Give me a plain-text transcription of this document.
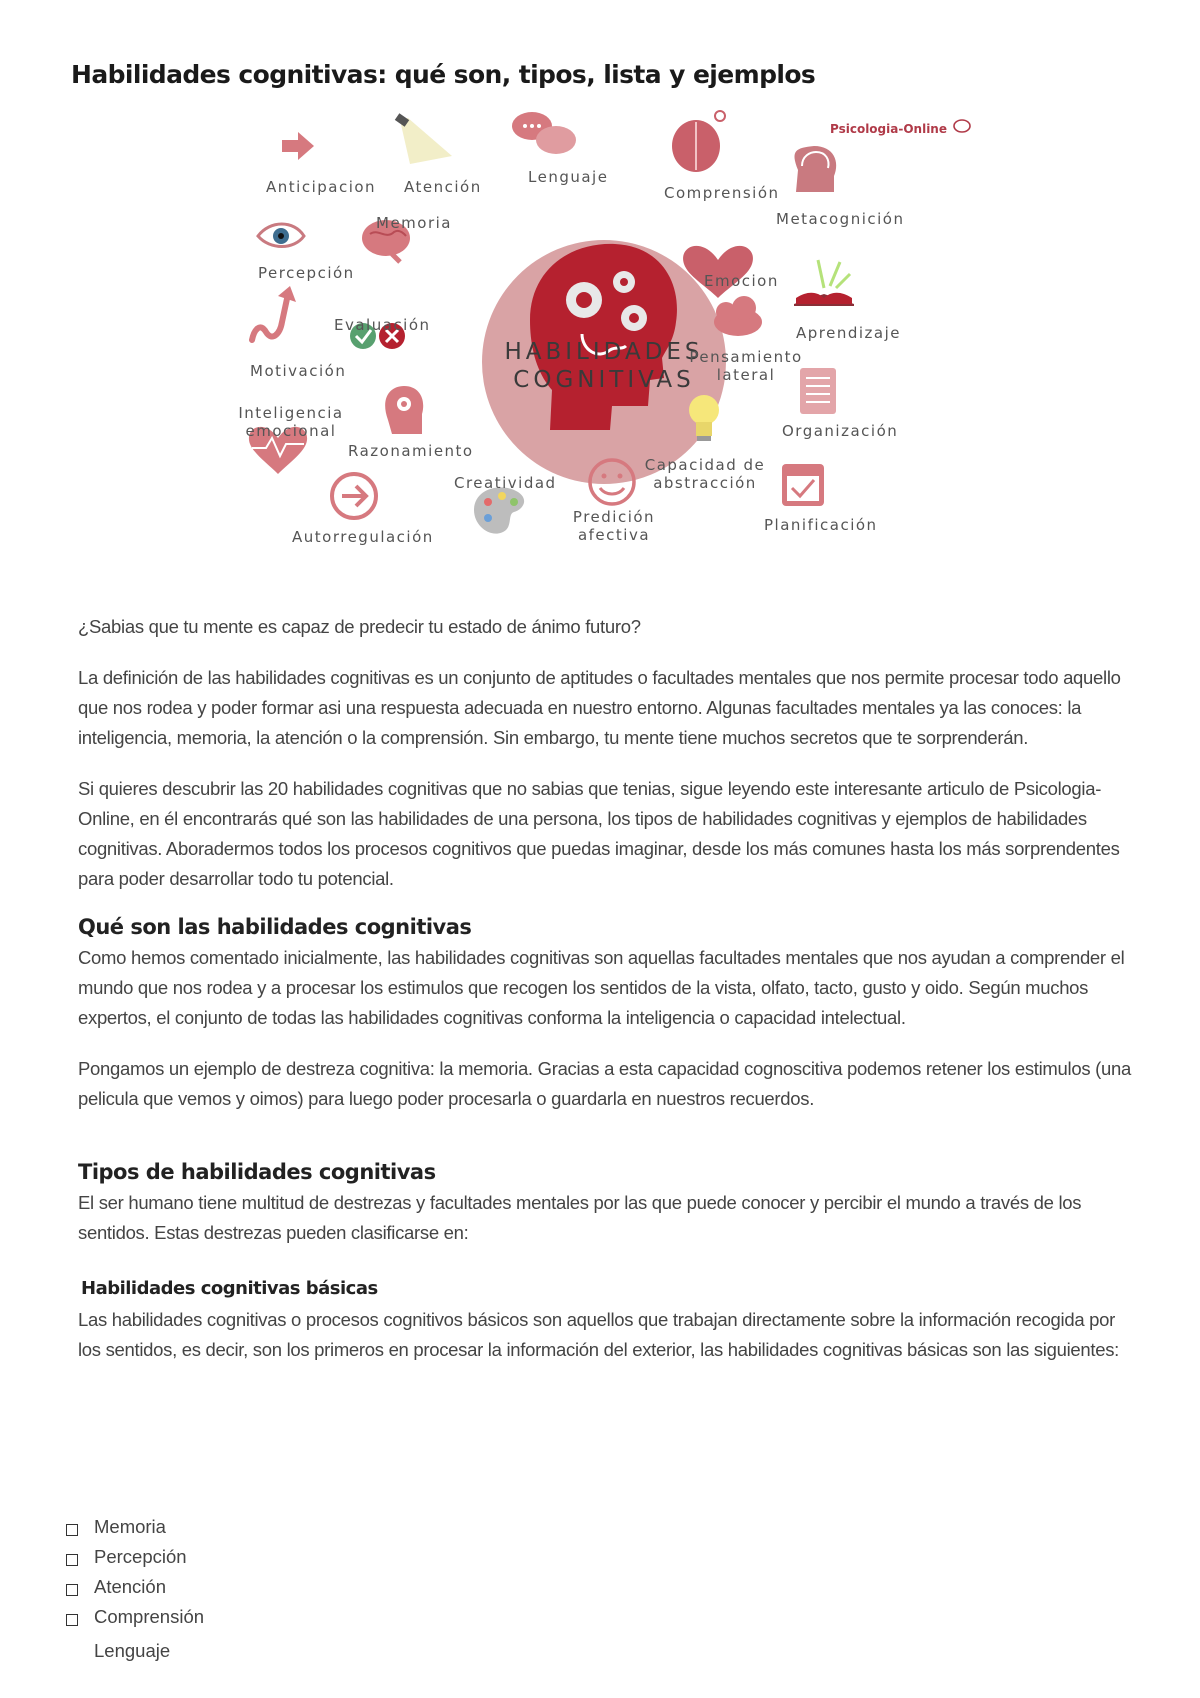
Habilidades cognitivas: qué son, tipos, lista y ejemplos
Psicologia-Online
HABILIDADES
COGNITIVAS
Anticipacion Atención
Lenguaje
Comprensión
Metacognición
Memoria
Percepción	Emocion
Aprendizaje
Evaluación
Motivación
Pensamiento
lateral
Inteligencia
emocional
Razonamiento
Organización
Capacidad de
abstracción
Creatividad
Predición
afectiva
Autorregulación
Planificación

¿Sabias que tu mente es capaz de predecir tu estado de ánimo futuro?

La definición de las habilidades cognitivas es un conjunto de aptitudes o facultades mentales que nos permite procesar todo aquello que nos rodea y poder formar asi una respuesta adecuada en nuestro entorno. Algunas facultades mentales ya las conoces: la inteligencia, memoria, la atención o la comprensión. Sin embargo, tu mente tiene muchos secretos que te sorprenderán.

Si quieres descubrir las 20 habilidades cognitivas que no sabias que tenias, sigue leyendo este interesante articulo de Psicologia-Online, en él encontrarás qué son las habilidades de una persona, los tipos de habilidades cognitivas y ejemplos de habilidades cognitivas. Aboradermos todos los procesos cognitivos que puedas imaginar, desde los más comunes hasta los más sorprendentes para poder desarrollar todo tu potencial.

Qué son las habilidades cognitivas

Como hemos comentado inicialmente, las habilidades cognitivas son aquellas facultades mentales que nos ayudan a comprender el mundo que nos rodea y a procesar los estimulos que recogen los sentidos de la vista, olfato, tacto, gusto y oido. Según muchos expertos, el conjunto de todas las habilidades cognitivas conforma la inteligencia o capacidad intelectual.

Pongamos un ejemplo de destreza cognitiva: la memoria. Gracias a esta capacidad cognoscitiva podemos retener los estimulos (una pelicula que vemos y oimos) para luego poder procesarla o guardarla en nuestros recuerdos.

Tipos de habilidades cognitivas

El ser humano tiene multitud de destrezas y facultades mentales por las que puede conocer y percibir el mundo a través de los sentidos. Estas destrezas pueden clasificarse en:

Habilidades cognitivas básicas

Las habilidades cognitivas o procesos cognitivos básicos son aquellos que trabajan directamente sobre la información recogida por los sentidos, es decir, son los primeros en procesar la información del exterior, las habilidades cognitivas básicas son las siguientes:

Memoria
Percepción
Atención
Comprensión
Lenguaje
